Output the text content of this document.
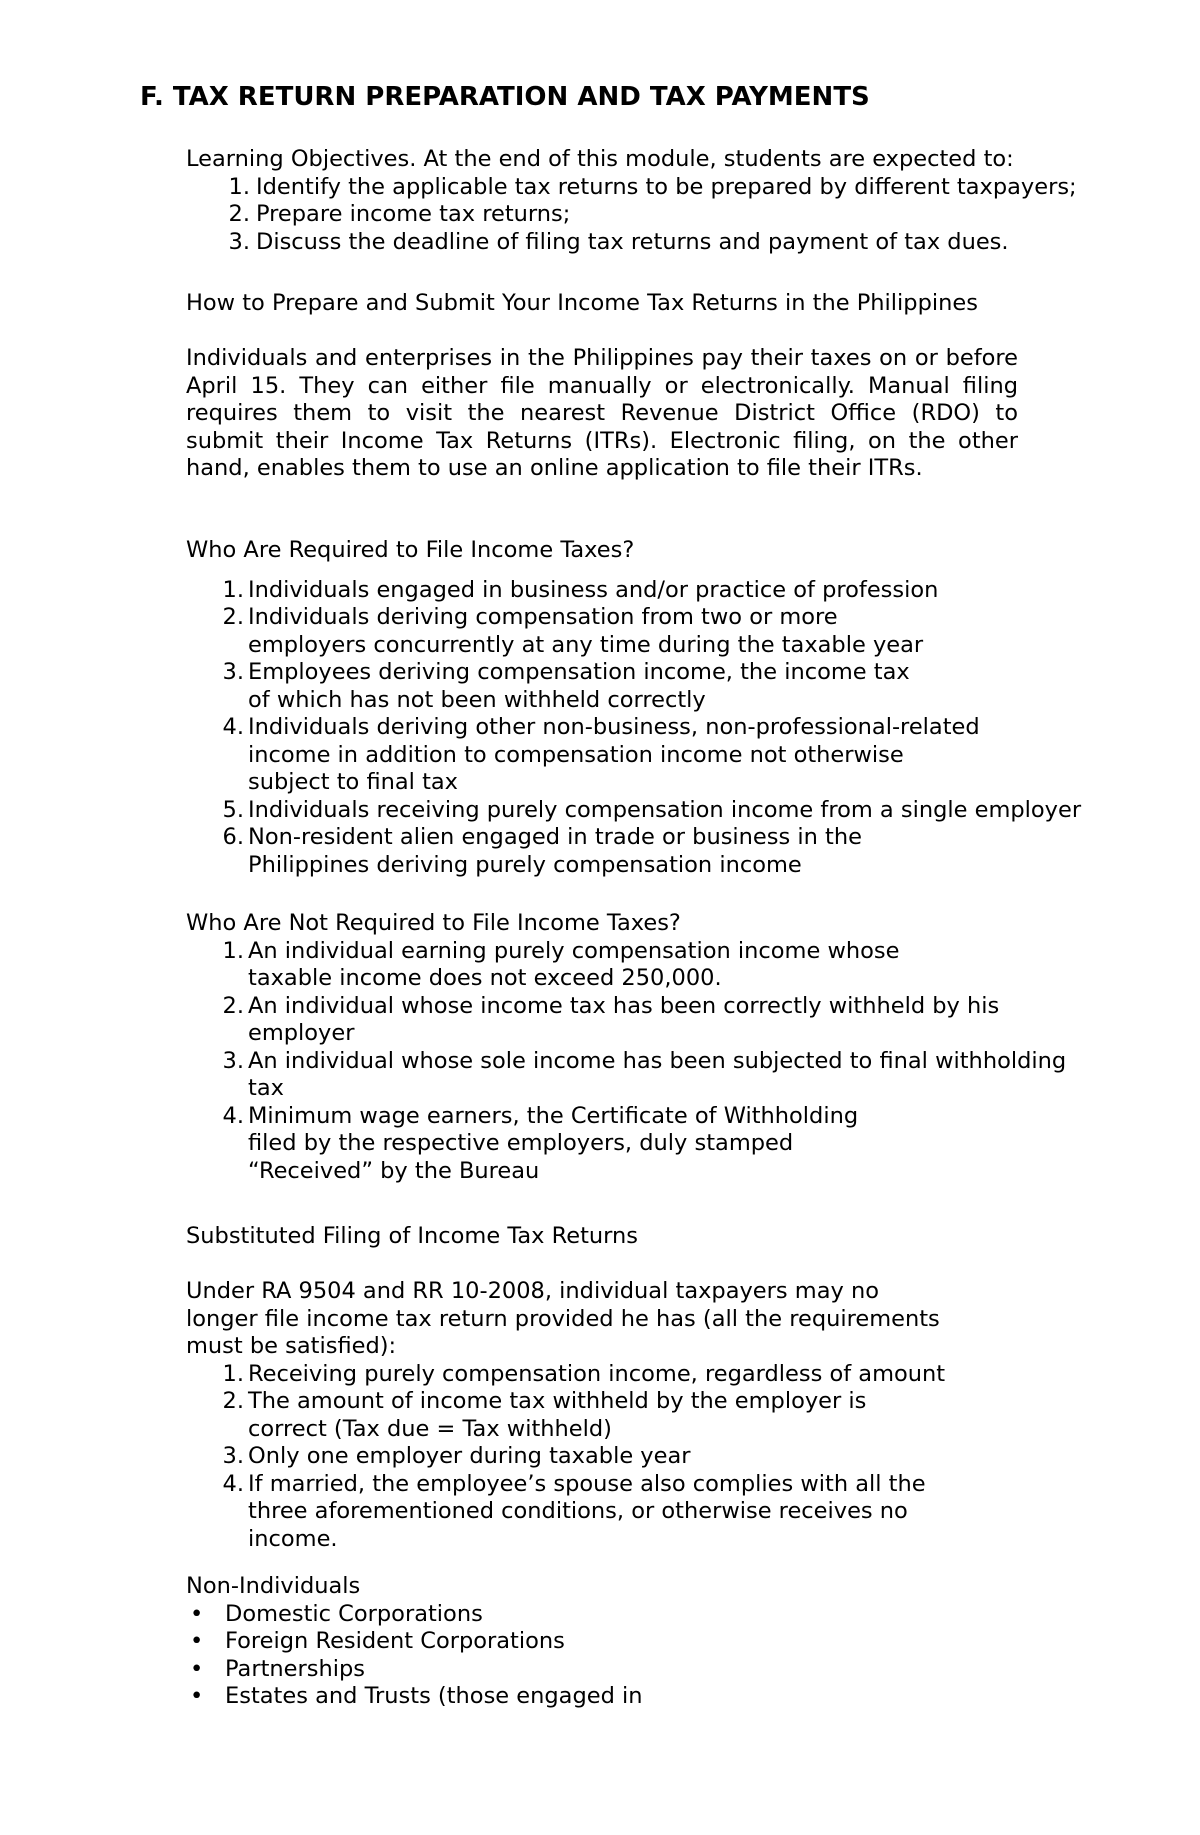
F. TAX RETURN PREPARATION AND TAX PAYMENTS

Learning Objectives. At the end of this module, students are expected to:

1. Identify the applicable tax returns to be prepared by different taxpayers;
2. Prepare income tax returns;
3. Discuss the deadline of filing tax returns and payment of tax dues.

How to Prepare and Submit Your Income Tax Returns in the Philippines

Individuals and enterprises in the Philippines pay their taxes on or before April 15. They can either file manually or electronically. Manual filing requires them to visit the nearest Revenue District Office (RDO) to submit their Income Tax Returns (ITRs). Electronic filing, on the other hand, enables them to use an online application to file their ITRs.

Who Are Required to File Income Taxes?

1. Individuals engaged in business and/or practice of profession
2. Individuals deriving compensation from two or more
employers concurrently at any time during the taxable year
3. Employees deriving compensation income, the income tax
of which has not been withheld correctly
4. Individuals deriving other non-business, non-professional-related
income in addition to compensation income not otherwise
subject to final tax
5. Individuals receiving purely compensation income from a single employer
6. Non-resident alien engaged in trade or business in the
Philippines deriving purely compensation income

Who Are Not Required to File Income Taxes?

1. An individual earning purely compensation income whose
taxable income does not exceed 250,000.
2. An individual whose income tax has been correctly withheld by his
employer
3. An individual whose sole income has been subjected to final withholding
tax
4. Minimum wage earners, the Certificate of Withholding
filed by the respective employers, duly stamped
“Received” by the Bureau

Substituted Filing of Income Tax Returns

Under RA 9504 and RR 10-2008, individual taxpayers may no

longer file income tax return provided he has (all the requirements

must be satisfied):

1. Receiving purely compensation income, regardless of amount
2. The amount of income tax withheld by the employer is
correct (Tax due = Tax withheld)
3. Only one employer during taxable year
4. If married, the employee’s spouse also complies with all the
three aforementioned conditions, or otherwise receives no
income.

Non-Individuals

• Domestic Corporations
• Foreign Resident Corporations
• Partnerships
• Estates and Trusts (those engaged in
